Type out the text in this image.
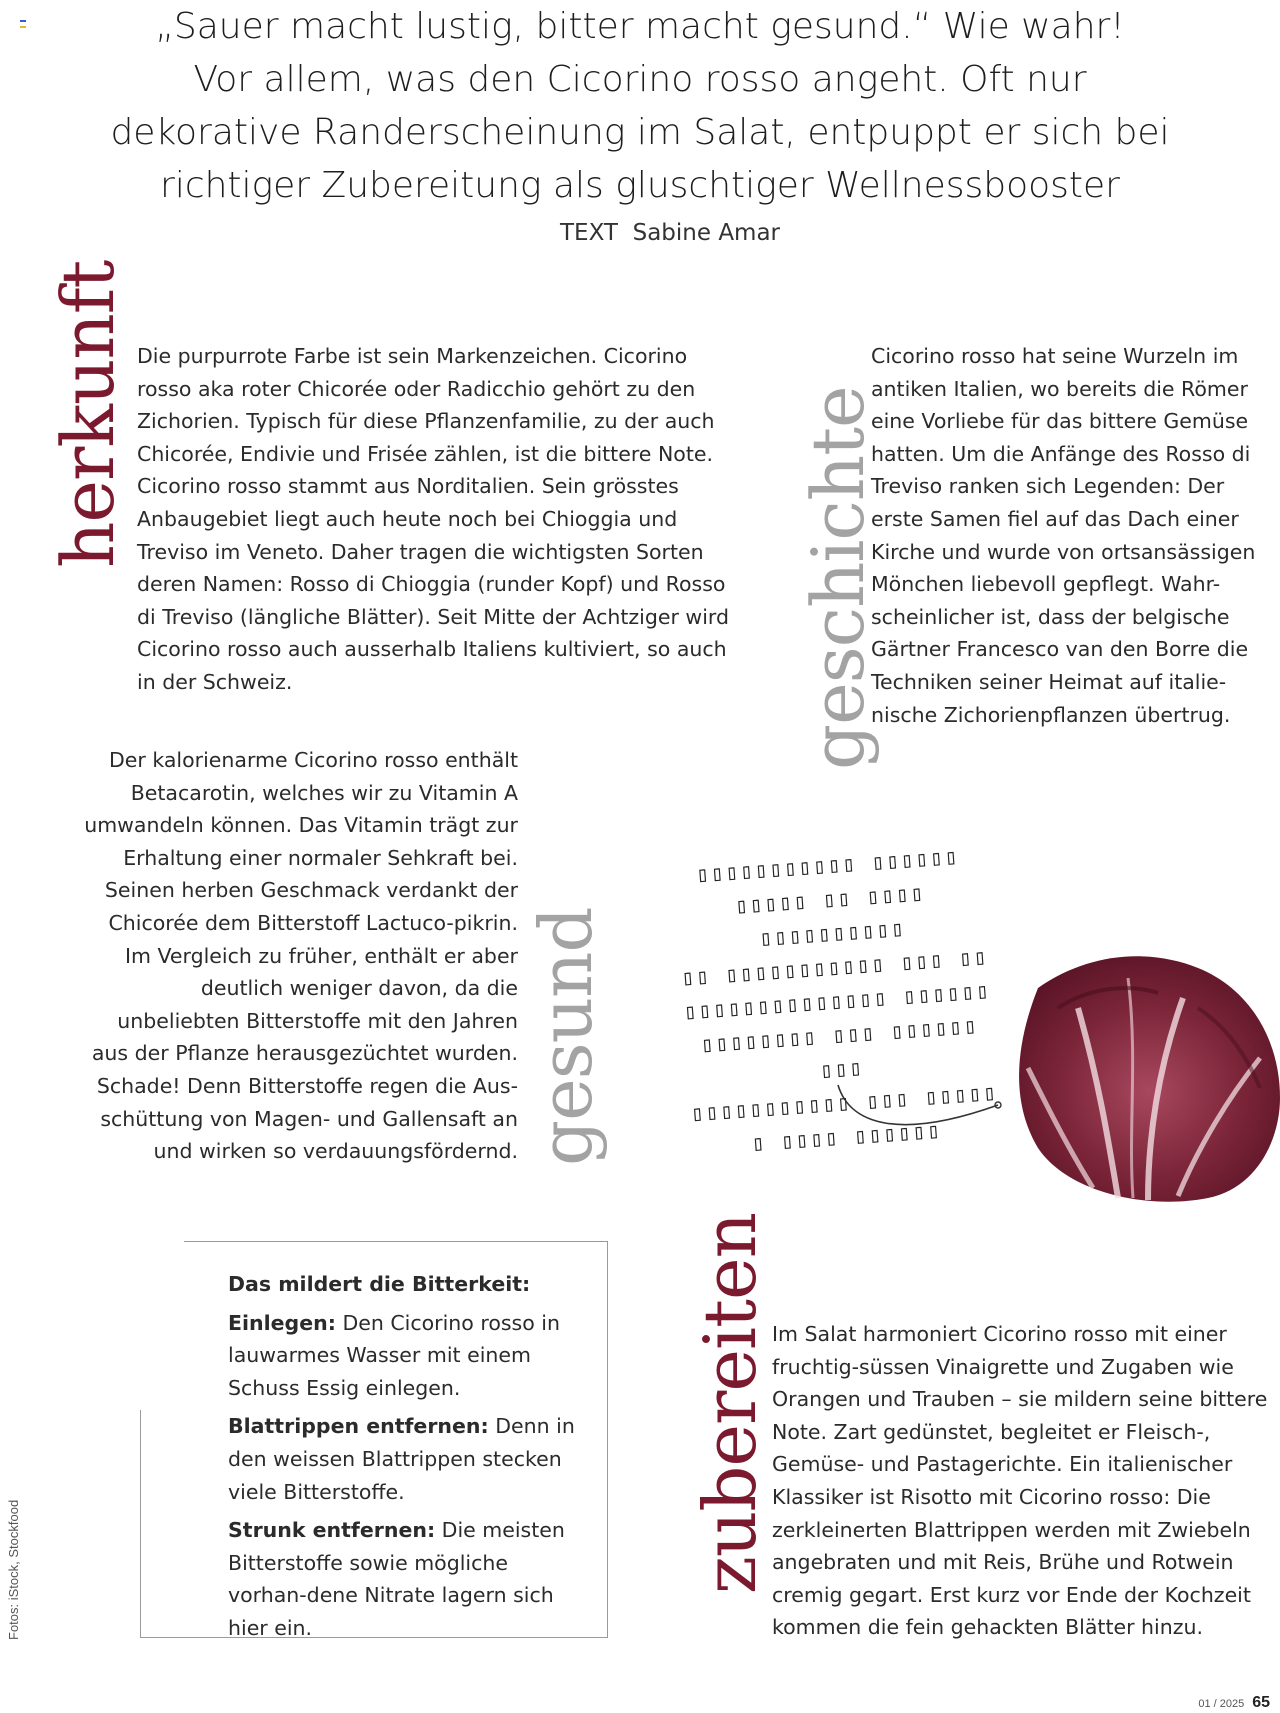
„Sauer macht lustig, bitter macht gesund.“ Wie wahr!
Vor allem, was den Cicorino rosso angeht. Oft nur
dekorative Randerscheinung im Salat, entpuppt er sich bei
richtiger Zubereitung als gluschtiger Wellnessbooster
TEXT Sabine Amar
herkunft Die purpurrote Farbe ist sein Markenzeichen. Cicorino rosso aka roter Chicorée oder Radicchio gehört zu den Zichorien. Typisch für diese Pflanzenfamilie, zu der auch Chicorée, Endivie und Frisée zählen, ist die bittere Note. Cicorino rosso stammt aus Norditalien. Sein grösstes Anbaugebiet liegt auch heute noch bei Chioggia und Treviso im Veneto. Daher tragen die wichtigsten Sorten deren Namen: Rosso di Chioggia (runder Kopf) und Rosso di Treviso (längliche Blätter). Seit Mitte der Achtziger wird Cicorino rosso auch ausserhalb Italiens kultiviert, so auch in der Schweiz.	geschichte
Cicorino rosso hat seine Wurzeln im antiken Italien, wo bereits die Römer eine Vorliebe für das bittere Gemüse hatten. Um die Anfänge des Rosso di Treviso ranken sich Legenden: Der erste Samen fiel auf das Dach einer Kirche und wurde von ortsansässigen Mönchen liebevoll gepflegt. Wahr-scheinlicher ist, dass der belgische Gärtner Francesco van den Borre die Techniken seiner Heimat auf italie-nische Zichorienpflanzen übertrug.
Der kalorienarme Cicorino rosso enthält Betacarotin, welches wir zu Vitamin A umwandeln können. Das Vitamin trägt zur Erhaltung einer normaler Sehkraft bei. Seinen herben Geschmack verdankt der Chicorée dem Bitterstoff Lactuco-pikrin. Im Vergleich zu früher, enthält er aber deutlich weniger davon, da die unbeliebten Bitterstoffe mit den Jahren aus der Pflanze herausgezüchtet wurden. Schade! Denn Bitterstoffe regen die Aus-schüttung von Magen- und Gallensaft an und wirken so verdauungsfördernd. gesund
▯▯▯▯▯▯▯▯▯▯▯ ▯▯▯▯▯▯
▯▯▯▯▯ ▯▯ ▯▯▯▯ ▯▯▯▯▯▯▯▯▯▯
▯▯ ▯▯▯▯▯▯▯▯▯▯▯ ▯▯▯ ▯▯
▯▯▯▯▯▯▯▯▯▯▯▯▯▯ ▯▯▯▯▯▯
▯▯▯▯▯▯▯▯ ▯▯▯ ▯▯▯▯▯▯ ▯▯▯
▯▯▯▯▯▯▯▯▯▯▯ ▯▯▯ ▯▯▯▯▯
▯ ▯▯▯▯ ▯▯▯▯▯▯

Das mildert die Bitterkeit:

Einlegen: Den Cicorino rosso in lauwarmes Wasser mit einem Schuss Essig einlegen.

Blattrippen entfernen: Denn in den weissen Blattrippen stecken viele Bitterstoffe.

Strunk entfernen: Die meisten Bitterstoffe sowie mögliche vorhan-dene Nitrate lagern sich hier ein.

zubereiten Im Salat harmoniert Cicorino rosso mit einer fruchtig-süssen Vinaigrette und Zugaben wie Orangen und Trauben – sie mildern seine bittere Note. Zart gedünstet, begleitet er Fleisch-, Gemüse- und Pastagerichte. Ein italienischer Klassiker ist Risotto mit Cicorino rosso: Die zerkleinerten Blattrippen werden mit Zwiebeln angebraten und mit Reis, Brühe und Rotwein cremig gegart. Erst kurz vor Ende der Kochzeit kommen die fein gehackten Blätter hinzu.
Fotos: iStock, Stockfood
01 / 2025 65
